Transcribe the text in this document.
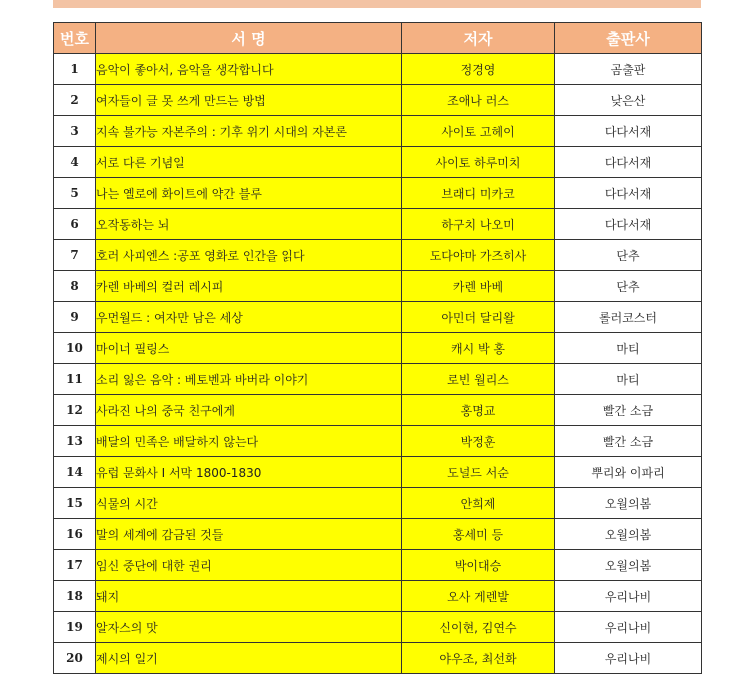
번호	서 명	저자	출판사
1	음악이 좋아서, 음악을 생각합니다	정경영	곰출판
2	여자들이 글 못 쓰게 만드는 방법	조애나 러스	낮은산
3	지속 불가능 자본주의 : 기후 위기 시대의 자본론	사이토 고헤이	다다서재
4	서로 다른 기념일	사이토 하루미치	다다서재
5	나는 옐로에 화이트에 약간 블루	브래디 미카코	다다서재
6	오작동하는 뇌	하구치 나오미	다다서재
7	호러 사피엔스 :공포 영화로 인간을 읽다	도다야마 가즈히사	단추
8	카렌 바베의 컬러 레시피	카렌 바베	단추
9	우먼월드 : 여자만 남은 세상	아민더 달리왈	롤러코스터
10	마이너 필링스	캐시 박 홍	마티
11	소리 잃은 음악 : 베토벤과 바버라 이야기	로빈 월리스	마티
12	사라진 나의 중국 친구에게	홍명교	빨간 소금
13	배달의 민족은 배달하지 않는다	박정훈	빨간 소금
14	유럽 문화사 I 서막 1800-1830	도널드 서순	뿌리와 이파리
15	식물의 시간	안희제	오월의봄
16	말의 세계에 감금된 것들	홍세미 등	오월의봄
17	임신 중단에 대한 권리	박이대승	오월의봄
18	돼지	오사 게렌발	우리나비
19	알자스의 맛	신이현, 김연수	우리나비
20	제시의 일기	야우조, 최선화	우리나비
